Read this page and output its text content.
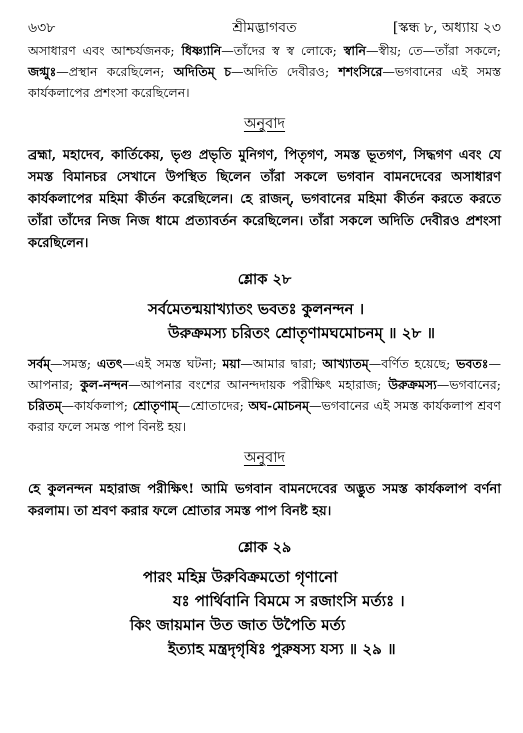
৬৩৮	শ্রীমদ্ভাগবত	[স্কন্ধ ৮, অধ্যায় ২৩

অসাধারণ এবং আশ্চর্যজনক; ধিষ্ণ্যানি—তাঁদের স্ব স্ব লোকে; স্বানি—স্বীয়; তে—তাঁরা সকলে; জগ্মুঃ—প্রস্থান করেছিলেন; অদিতিম্ চ—অদিতি দেবীরও; শশংসিরে—ভগবানের এই সমস্ত কার্যকলাপের প্রশংসা করেছিলেন।

অনুবাদ

ব্রহ্মা, মহাদেব, কার্তিকেয়, ভৃগু প্রভৃতি মুনিগণ, পিতৃগণ, সমস্ত ভূতগণ, সিদ্ধগণ এবং যে সমস্ত বিমানচর সেখানে উপস্থিত ছিলেন তাঁরা সকলে ভগবান বামনদেবের অসাধারণ কার্যকলাপের মহিমা কীর্তন করেছিলেন। হে রাজন্, ভগবানের মহিমা কীর্তন করতে করতে তাঁরা তাঁদের নিজ নিজ ধামে প্রত্যাবর্তন করেছিলেন। তাঁরা সকলে অদিতি দেবীরও প্রশংসা করেছিলেন।

শ্লোক ২৮
সর্বমেতন্ময়াখ্যাতং ভবতঃ কুলনন্দন ।
উরুক্রমস্য চরিতং শ্রোতৃণামঘমোচনম্ ॥ ২৮ ॥

সর্বম্—সমস্ত; এতৎ—এই সমস্ত ঘটনা; ময়া—আমার দ্বারা; আখ্যাতম্—বর্ণিত হয়েছে; ভবতঃ—আপনার; কুল-নন্দন—আপনার বংশের আনন্দদায়ক পরীক্ষিৎ মহারাজ; উরুক্রমস্য—ভগবানের; চরিতম্—কার্যকলাপ; শ্রোতৃণাম্—শ্রোতাদের; অঘ-মোচনম্—ভগবানের এই সমস্ত কার্যকলাপ শ্রবণ করার ফলে সমস্ত পাপ বিনষ্ট হয়।

অনুবাদ

হে কুলনন্দন মহারাজ পরীক্ষিৎ! আমি ভগবান বামনদেবের অদ্ভুত সমস্ত কার্যকলাপ বর্ণনা করলাম। তা শ্রবণ করার ফলে শ্রোতার সমস্ত পাপ বিনষ্ট হয়।

শ্লোক ২৯
পারং মহিম্ন উরুবিক্রমতো গৃণানো
যঃ পার্থিবানি বিমমে স রজাংসি মর্ত্যঃ ।
কিং জায়মান উত জাত উপৈতি মর্ত্য
ইত্যাহ মন্ত্রদৃগৃষিঃ পুরুষস্য যস্য ॥ ২৯ ॥
